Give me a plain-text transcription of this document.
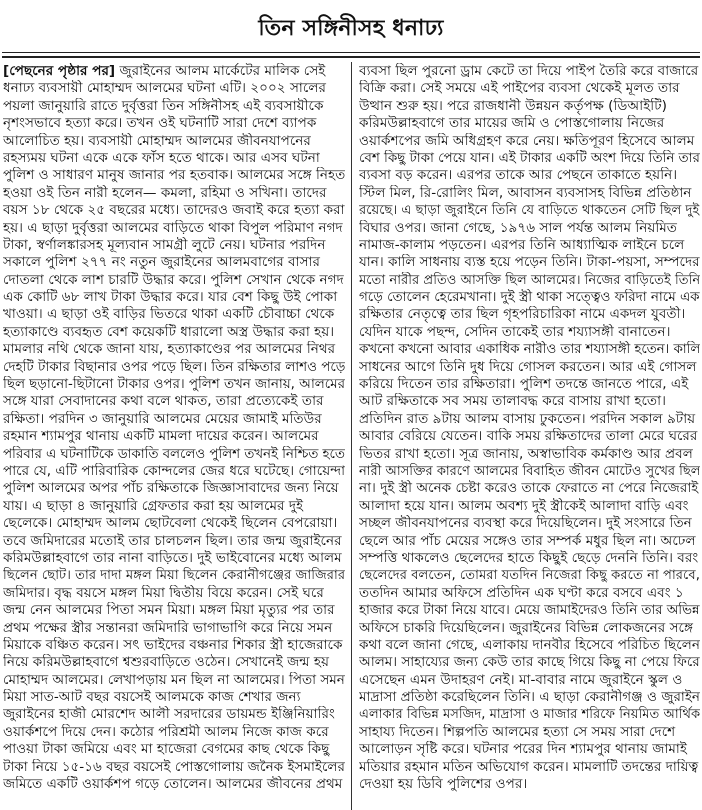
তিন সঙ্গিনীসহ ধনাঢ্য
[পেছনের পৃষ্ঠার পর] জুরাইনের আলম মার্কেটের মালিক সেই
ধনাঢ্য ব্যবসায়ী মোহাম্মদ আলমের ঘটনা এটি। ২০০২ সালের
পয়লা জানুয়ারি রাতে দুর্বৃত্তরা তিন সঙ্গিনীসহ এই ব্যবসায়ীকে
নৃশংসভাবে হত্যা করে। তখন ওই ঘটনাটি সারা দেশে ব্যাপক
আলোচিত হয়। ব্যবসায়ী মোহাম্মদ আলমের জীবনযাপনের
রহস্যময় ঘটনা একে একে ফাঁস হতে থাকে। আর এসব ঘটনা
পুলিশ ও সাধারণ মানুষ জানার পর হতবাক। আলমের সঙ্গে নিহত
হওয়া ওই তিন নারী হলেন— কমলা, রহিমা ও সখিনা। তাদের
বয়স ১৮ থেকে ২৫ বছরের মধ্যে। তাদেরও জবাই করে হত্যা করা
হয়। এ ছাড়া দুর্বৃত্তরা আলমের বাড়িতে থাকা বিপুল পরিমাণ নগদ
টাকা, স্বর্ণালঙ্কারসহ মূল্যবান সামগ্রী লুটে নেয়। ঘটনার পরদিন
সকালে পুলিশ ২৭৭ নং নতুন জুরাইনের আলমবাগের বাসার
দোতলা থেকে লাশ চারটি উদ্ধার করে। পুলিশ সেখান থেকে নগদ
এক কোটি ৬৮ লাখ টাকা উদ্ধার করে। যার বেশ কিছু উই পোকা
খাওয়া। এ ছাড়া ওই বাড়ির ভিতরে থাকা একটি চৌবাচ্চা থেকে
হত্যাকাণ্ডে ব্যবহৃত বেশ কয়েকটি ধারালো অস্ত্র উদ্ধার করা হয়।
মামলার নথি থেকে জানা যায়, হত্যাকাণ্ডের পর আলমের নিথর
দেহটি টাকার বিছানার ওপর পড়ে ছিল। তিন রক্ষিতার লাশও পড়ে
ছিল ছড়ানো-ছিটানো টাকার ওপর। পুলিশ তখন জানায়, আলমের
সঙ্গে যারা সেবাদানের কথা বলে থাকত, তারা প্রত্যেকেই তার
রক্ষিতা। পরদিন ৩ জানুয়ারি আলমের মেয়ের জামাই মতিউর
রহমান শ্যামপুর থানায় একটি মামলা দায়ের করেন। আলমের
পরিবার এ ঘটনাটিকে ডাকাতি বললেও পুলিশ তখনই নিশ্চিত হতে
পারে যে, এটি পারিবারিক কোন্দলের জের ধরে ঘটেছে। গোয়েন্দা
পুলিশ আলমের অপর পাঁচ রক্ষিতাকে জিজ্ঞাসাবাদের জন্য নিয়ে
যায়। এ ছাড়া ৪ জানুয়ারি গ্রেফতার করা হয় আলমের দুই
ছেলেকে। মোহাম্মদ আলম ছোটবেলা থেকেই ছিলেন বেপরোয়া।
তবে জমিদারের মতোই তার চালচলন ছিল। তার জন্ম জুরাইনের
করিমউল্লাহবাগে তার নানা বাড়িতে। দুই ভাইবোনের মধ্যে আলম
ছিলেন ছোট। তার দাদা মঙ্গল মিয়া ছিলেন কেরানীগঞ্জের জাজিরার
জমিদার। বৃদ্ধ বয়সে মঙ্গল মিয়া দ্বিতীয় বিয়ে করেন। সেই ঘরে
জন্ম নেন আলমের পিতা সমন মিয়া। মঙ্গল মিয়া মৃত্যুর পর তার
প্রথম পক্ষের স্ত্রীর সন্তানরা জমিদারি ভাগাভাগি করে নিয়ে সমন
মিয়াকে বঞ্চিত করেন। সৎ ভাইদের বঞ্চনার শিকার স্ত্রী হাজেরাকে
নিয়ে করিমউল্লাহবাগে শ্বশুরবাড়িতে ওঠেন। সেখানেই জন্ম হয়
মোহাম্মদ আলমের। লেখাপড়ায় মন ছিল না আলমের। পিতা সমন
মিয়া সাত-আট বছর বয়সেই আলমকে কাজ শেখার জন্য
জুরাইনের হাজী মোরশেদ আলী সরদারের ডায়মন্ড ইঞ্জিনিয়ারিং
ওয়ার্কশপে দিয়ে দেন। কঠোর পরিশ্রমী আলম নিজে কাজ করে
পাওয়া টাকা জমিয়ে এবং মা হাজেরা বেগমের কাছ থেকে কিছু
টাকা নিয়ে ১৫-১৬ বছর বয়সেই পোস্তগোলায় জনৈক ইসমাইলের
জমিতে একটি ওয়ার্কশপ গড়ে তোলেন। আলমের জীবনের প্রথম
ব্যবসা ছিল পুরনো ড্রাম কেটে তা দিয়ে পাইপ তৈরি করে বাজারে
বিক্রি করা। সেই সময়ে এই পাইপের ব্যবসা থেকেই মূলত তার
উত্থান শুরু হয়। পরে রাজধানী উন্নয়ন কর্তৃপক্ষ (ডিআইটি)
করিমউল্লাহবাগে তার মায়ের জমি ও পোস্তগোলায় নিজের
ওয়ার্কশপের জমি অধিগ্রহণ করে নেয়। ক্ষতিপূরণ হিসেবে আলম
বেশ কিছু টাকা পেয়ে যান। এই টাকার একটি অংশ দিয়ে তিনি তার
ব্যবসা বড় করেন। এরপর তাকে আর পেছনে তাকাতে হয়নি।
স্টিল মিল, রি-রোলিং মিল, আবাসন ব্যবসাসহ বিভিন্ন প্রতিষ্ঠান
রয়েছে। এ ছাড়া জুরাইনে তিনি যে বাড়িতে থাকতেন সেটি ছিল দুই
বিঘার ওপর। জানা গেছে, ১৯৭৬ সাল পর্যন্ত আলম নিয়মিত
নামাজ-কালাম পড়তেন। এরপর তিনি আধ্যাত্মিক লাইনে চলে
যান। কালি সাধনায় ব্যস্ত হয়ে পড়েন তিনি। টাকা-পয়সা, সম্পদের
মতো নারীর প্রতিও আসক্তি ছিল আলমের। নিজের বাড়িতেই তিনি
গড়ে তোলেন হেরেমখানা। দুই স্ত্রী থাকা সত্ত্বেও ফরিদা নামে এক
রক্ষিতার নেতৃত্বে তার ছিল গৃহপরিচারিকা নামে একদল যুবতী।
যেদিন যাকে পছন্দ, সেদিন তাকেই তার শয্যাসঙ্গী বানাতেন।
কখনো কখনো আবার একাধিক নারীও তার শয্যাসঙ্গী হতেন। কালি
সাধনের আগে তিনি দুধ দিয়ে গোসল করতেন। আর এই গোসল
করিয়ে দিতেন তার রক্ষিতারা। পুলিশ তদন্তে জানতে পারে, এই
আট রক্ষিতাকে সব সময় তালাবদ্ধ করে বাসায় রাখা হতো।
প্রতিদিন রাত ৯টায় আলম বাসায় ঢুকতেন। পরদিন সকাল ৯টায়
আবার বেরিয়ে যেতেন। বাকি সময় রক্ষিতাদের তালা মেরে ঘরের
ভিতর রাখা হতো। সূত্র জানায়, অস্বাভাবিক কর্মকাণ্ড আর প্রবল
নারী আসক্তির কারণে আলমের বিবাহিত জীবন মোটেও সুখের ছিল
না। দুই স্ত্রী অনেক চেষ্টা করেও তাকে ফেরাতে না পেরে নিজেরাই
আলাদা হয়ে যান। আলম অবশ্য দুই স্ত্রীকেই আলাদা বাড়ি এবং
সচ্ছল জীবনযাপনের ব্যবস্থা করে দিয়েছিলেন। দুই সংসারে তিন
ছেলে আর পাঁচ মেয়ের সঙ্গেও তার সম্পর্ক মধুর ছিল না। অঢেল
সম্পত্তি থাকলেও ছেলেদের হাতে কিছুই ছেড়ে দেননি তিনি। বরং
ছেলেদের বলতেন, তোমরা যতদিন নিজেরা কিছু করতে না পারবে,
ততদিন আমার অফিসে প্রতিদিন এক ঘণ্টা করে বসবে এবং ১
হাজার করে টাকা নিয়ে যাবে। মেয়ে জামাইদেরও তিনি তার অভিন্ন
অফিসে চাকরি দিয়েছিলেন। জুরাইনের বিভিন্ন লোকজনের সঙ্গে
কথা বলে জানা গেছে, এলাকায় দানবীর হিসেবে পরিচিত ছিলেন
আলম। সাহায্যের জন্য কেউ তার কাছে গিয়ে কিছু না পেয়ে ফিরে
এসেছেন এমন উদাহরণ নেই। মা-বাবার নামে জুরাইনে স্কুল ও
মাদ্রাসা প্রতিষ্ঠা করেছিলেন তিনি। এ ছাড়া কেরানীগঞ্জ ও জুরাইন
এলাকার বিভিন্ন মসজিদ, মাদ্রাসা ও মাজার শরিফে নিয়মিত আর্থিক
সাহায্য দিতেন। শিল্পপতি আলমের হত্যা সে সময় সারা দেশে
আলোড়ন সৃষ্টি করে। ঘটনার পরের দিন শ্যামপুর থানায় জামাই
মতিয়ার রহমান মতিন অভিযোগ করেন। মামলাটি তদন্তের দায়িত্ব
দেওয়া হয় ডিবি পুলিশের ওপর।
